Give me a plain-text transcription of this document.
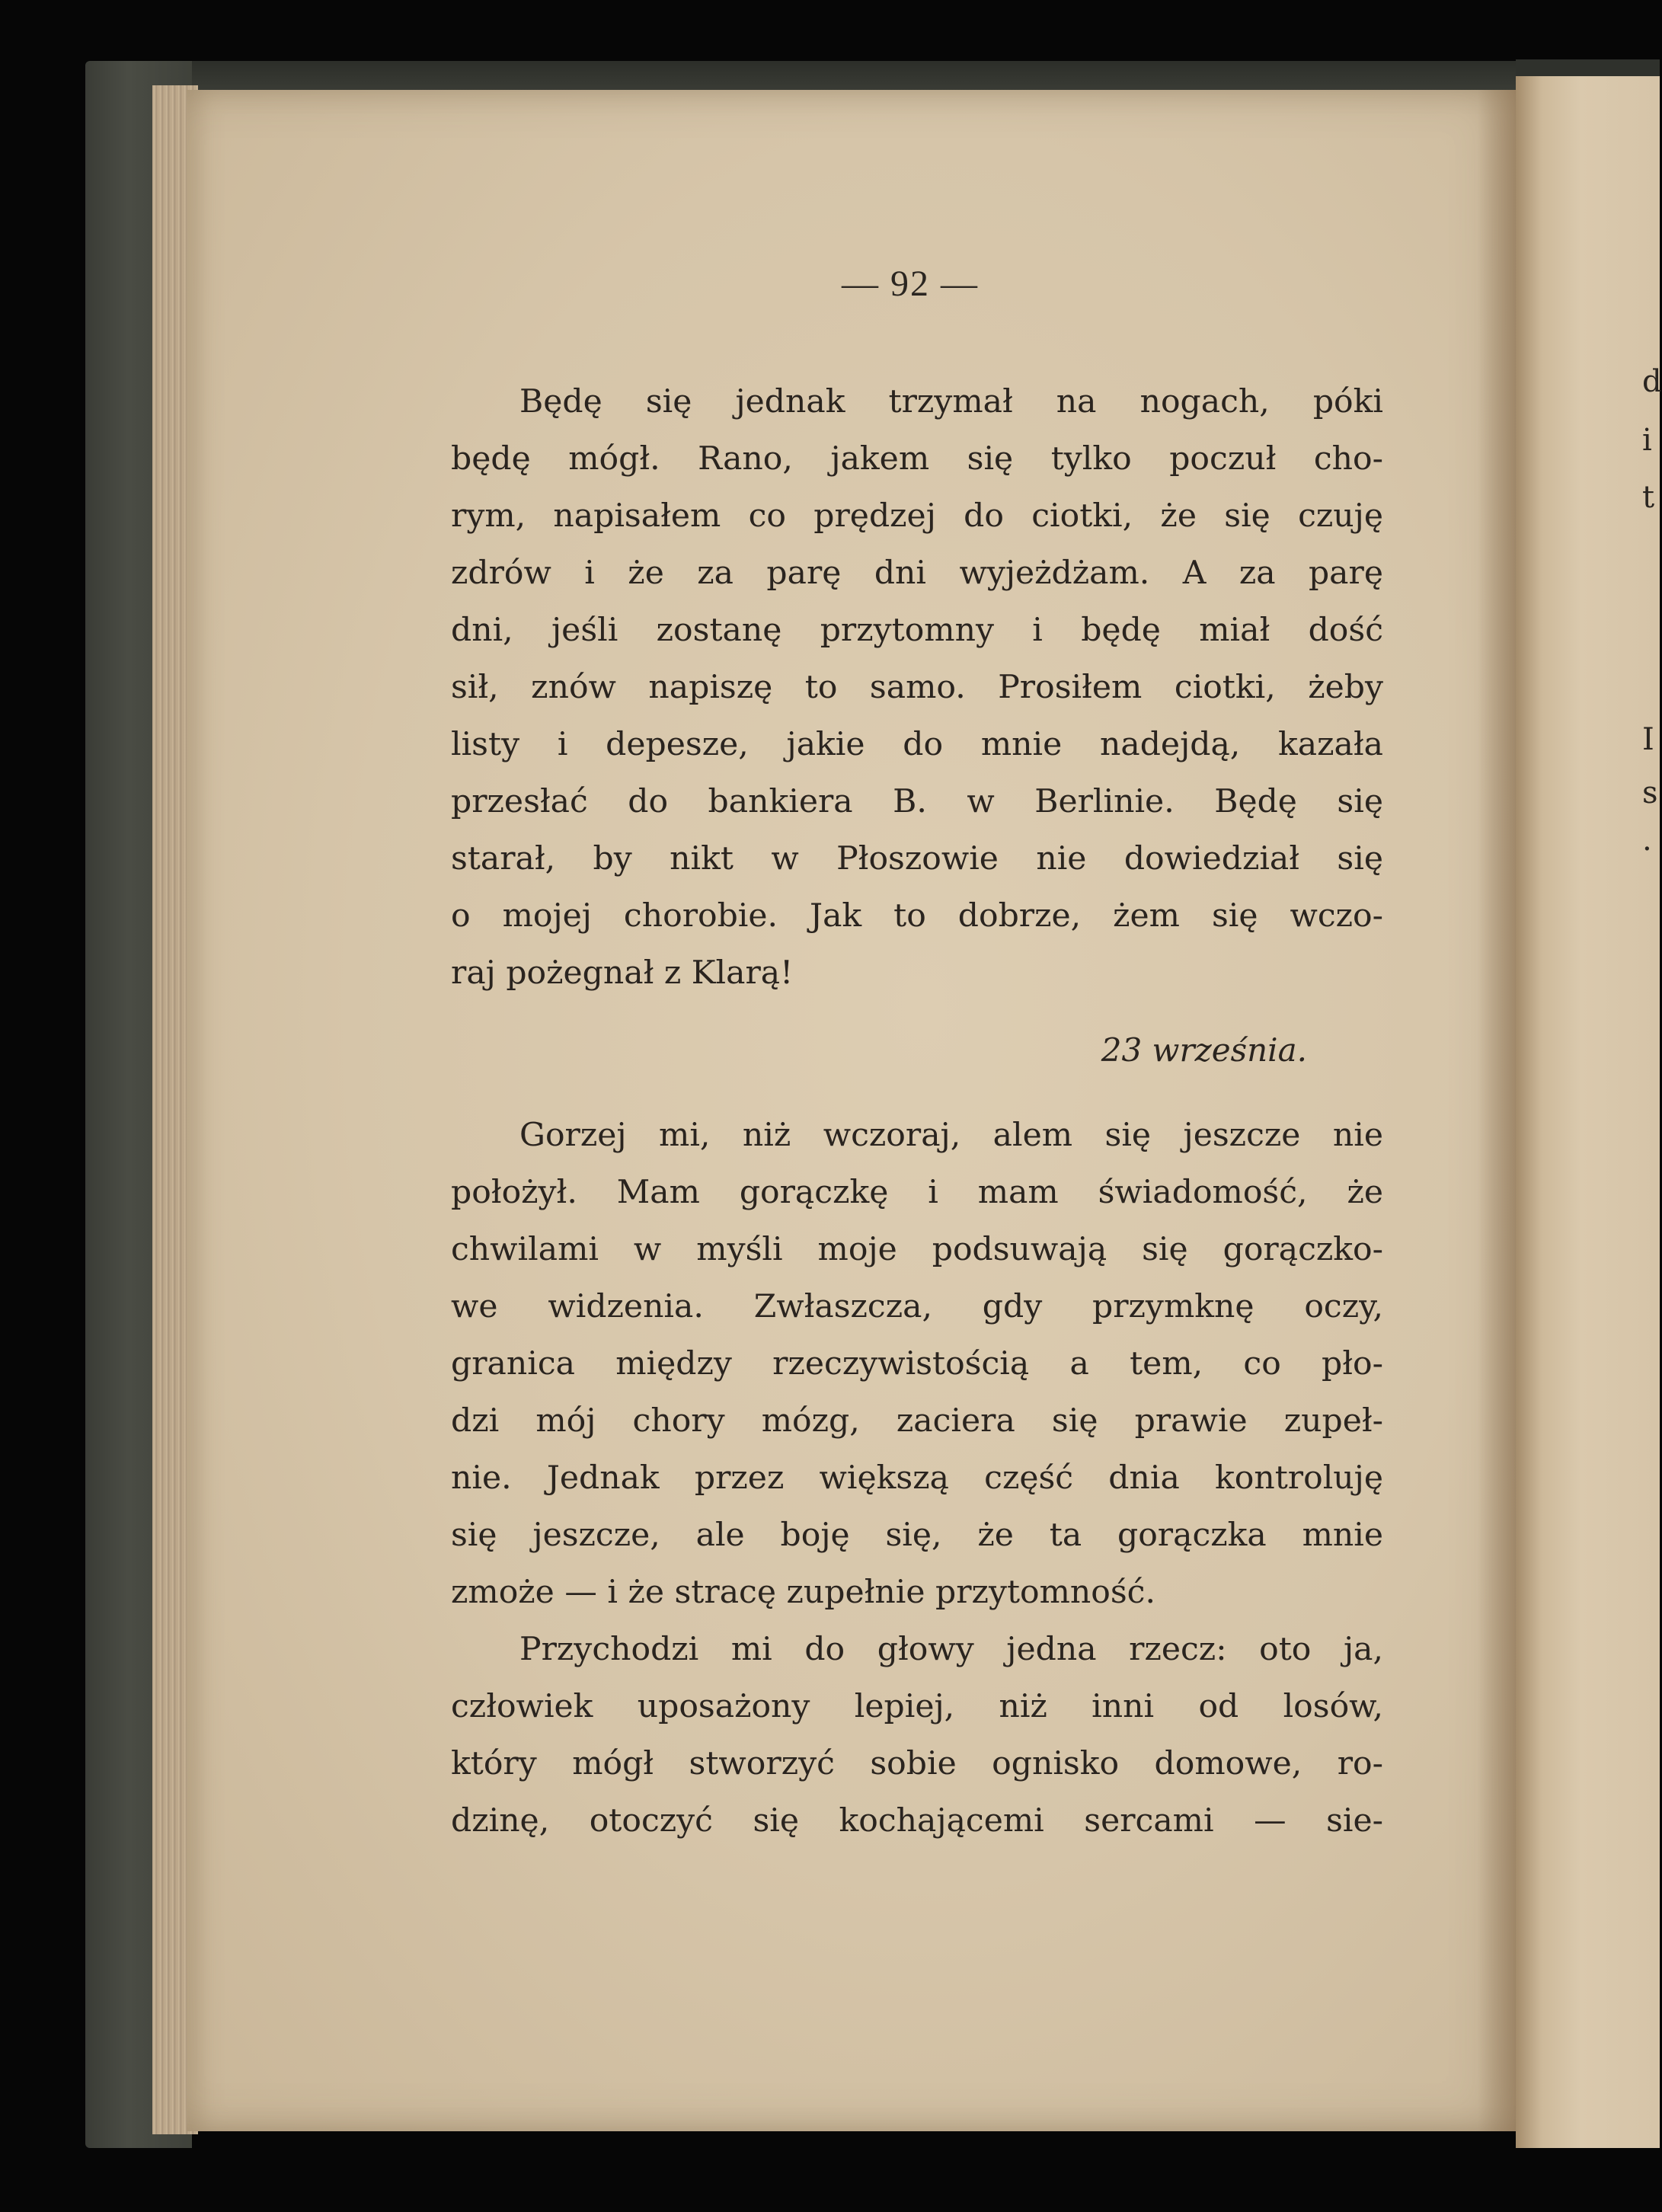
d
i
t
I
s
.
— 92 —
Będę się jednak trzymał na nogach, póki
będę mógł. Rano, jakem się tylko poczuł cho-
rym, napisałem co prędzej do ciotki, że się czuję
zdrów i że za parę dni wyjeżdżam. A za parę
dni, jeśli zostanę przytomny i będę miał dość
sił, znów napiszę to samo. Prosiłem ciotki, żeby
listy i depesze, jakie do mnie nadejdą, kazała
przesłać do bankiera B. w Berlinie. Będę się
starał, by nikt w Płoszowie nie dowiedział się
o mojej chorobie. Jak to dobrze, żem się wczo-
raj pożegnał z Klarą!
23 września.
Gorzej mi, niż wczoraj, alem się jeszcze nie
położył. Mam gorączkę i mam świadomość, że
chwilami w myśli moje podsuwają się gorączko-
we widzenia. Zwłaszcza, gdy przymknę oczy,
granica między rzeczywistością a tem, co pło-
dzi mój chory mózg, zaciera się prawie zupeł-
nie. Jednak przez większą część dnia kontroluję
się jeszcze, ale boję się, że ta gorączka mnie
zmoże — i że stracę zupełnie przytomność.
Przychodzi mi do głowy jedna rzecz: oto ja,
człowiek uposażony lepiej, niż inni od losów,
który mógł stworzyć sobie ognisko domowe, ro-
dzinę, otoczyć się kochającemi sercami — sie-
